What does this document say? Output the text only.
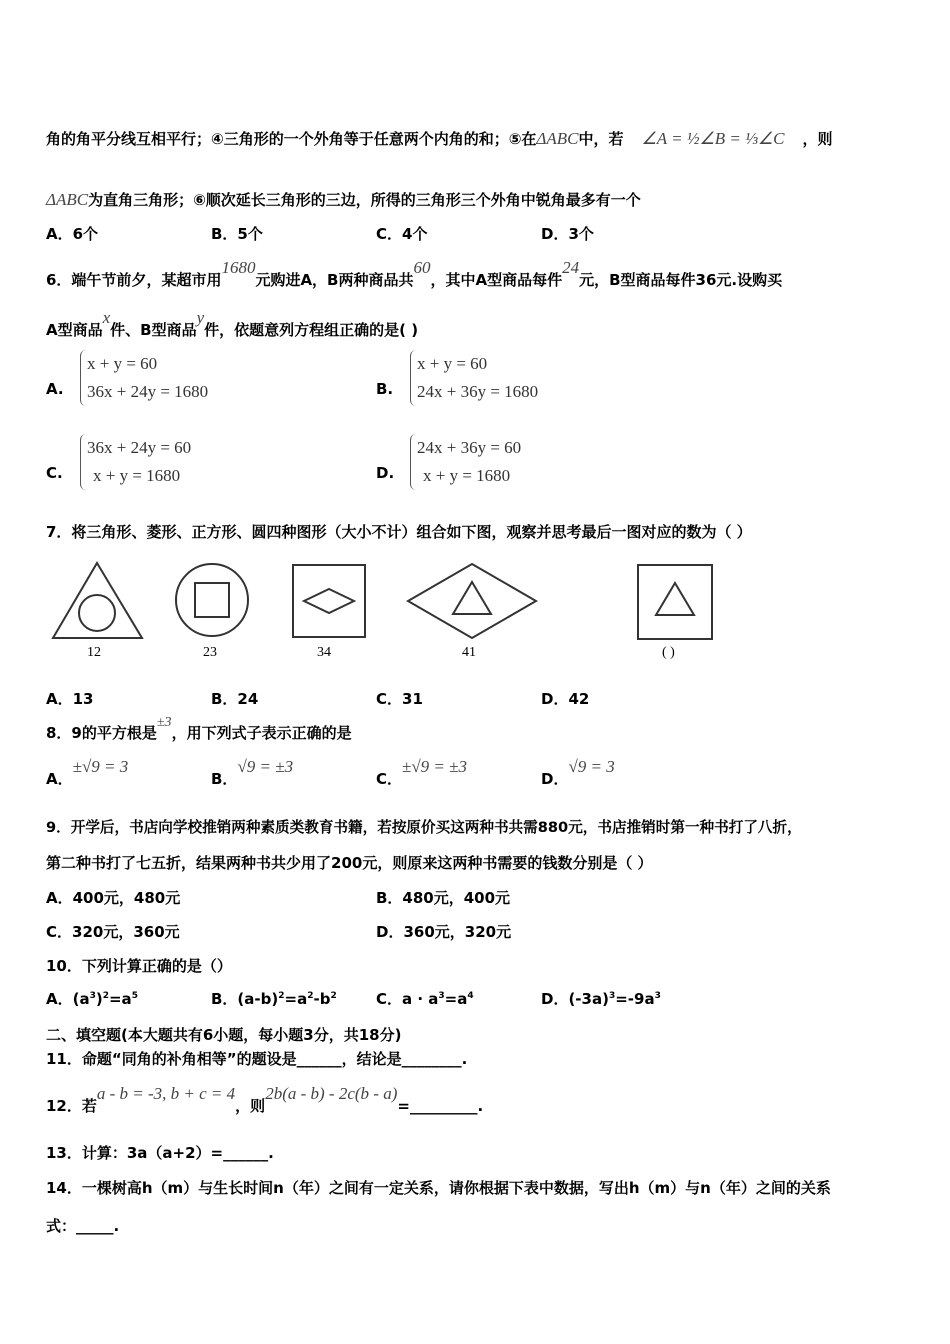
角的角平分线互相平行；④三角形的一个外角等于任意两个内角的和；⑤在ΔABC中，若 ∠A = ½∠B = ⅓∠C ，则
ΔABC为直角三角形；⑥顺次延长三角形的三边，所得的三角形三个外角中锐角最多有一个
A．6个	B．5个	C．4个	D．3个
6．端午节前夕，某超市用1680元购进A，B两种商品共60，其中A型商品每件24元，B型商品每件36元.设购买
A型商品x件、B型商品y件，依题意列方程组正确的是( )
A.
x + y = 60
36x + 24y = 1680	B.
x + y = 60
24x + 36y = 1680
C.
36x + 24y = 60
x + y = 1680	D.
24x + 36y = 60
x + y = 1680
7．将三角形、菱形、正方形、圆四种图形（大小不计）组合如下图，观察并思考最后一图对应的数为（ ）
12	23	34	41	( )
A．13	B．24	C．31	D．42
8．9的平方根是±3，用下列式子表示正确的是
A．±√9 = 3
B．√9 = ±3
C．±√9 = ±3
D．√9 = 3
9．开学后，书店向学校推销两种素质类教育书籍，若按原价买这两种书共需880元，书店推销时第一种书打了八折，
第二种书打了七五折，结果两种书共少用了200元，则原来这两种书需要的钱数分别是（ ）
A．400元，480元	B．480元，400元
C．320元，360元	D．360元，320元
10．下列计算正确的是（）
A．$(a^3)^2=a^5$	B．$(a-b)^2=a^2-b^2$	C．$a \cdot a^3=a^4$	D．$(-3a)^3=-9a^3$
二、填空题(本大题共有6小题，每小题3分，共18分)
11．命题“同角的补角相等”的题设是______，结论是________.
12．若a - b = -3, b + c = 4，则2b(a - b) - 2c(b - a)=_________.
13．计算：3a（a+2）=______.
14．一棵树高h（m）与生长时间n（年）之间有一定关系，请你根据下表中数据，写出h（m）与n（年）之间的关系
式：_____.
